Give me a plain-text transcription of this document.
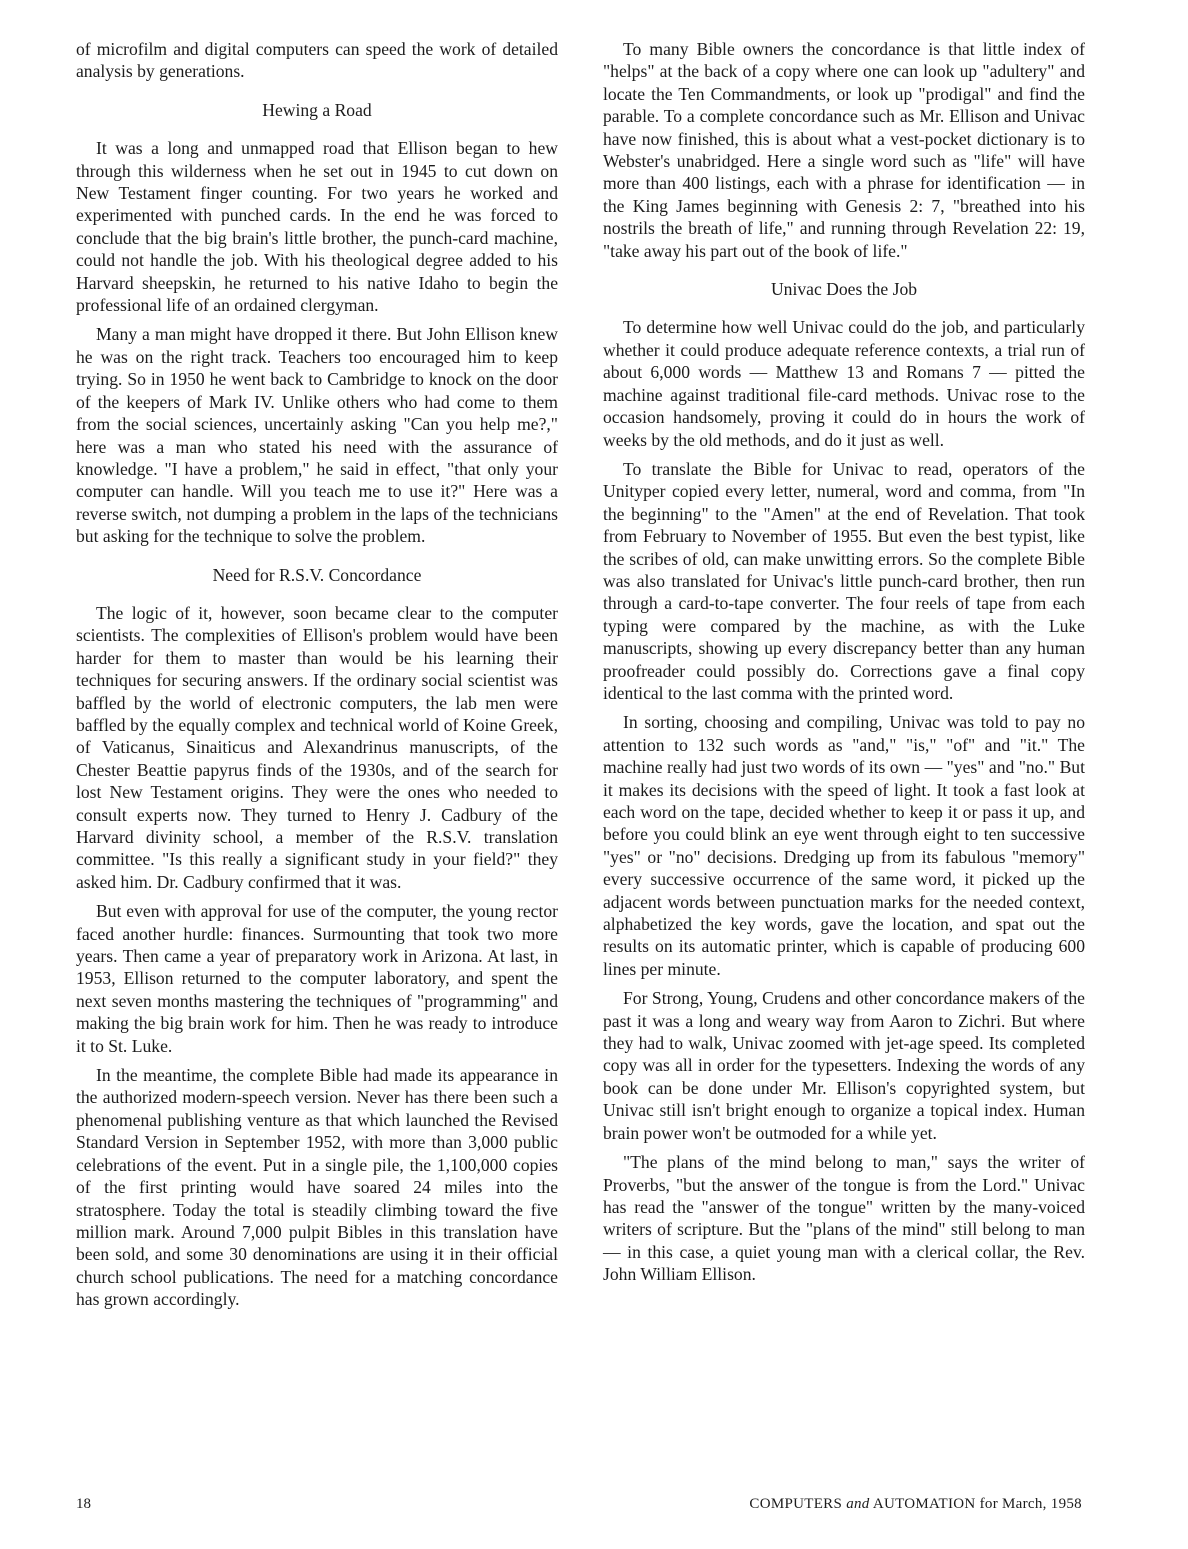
of microfilm and digital computers can speed the work of detailed analysis by generations.

Hewing a Road

It was a long and unmapped road that Ellison began to hew through this wilderness when he set out in 1945 to cut down on New Testament finger counting. For two years he worked and experimented with punched cards. In the end he was forced to conclude that the big brain's little brother, the punch-card machine, could not handle the job. With his theological degree added to his Harvard sheepskin, he returned to his native Idaho to begin the professional life of an ordained clergyman.

Many a man might have dropped it there. But John Ellison knew he was on the right track. Teachers too encouraged him to keep trying. So in 1950 he went back to Cambridge to knock on the door of the keepers of Mark IV. Unlike others who had come to them from the social sciences, uncertainly asking "Can you help me?," here was a man who stated his need with the assurance of knowledge. "I have a problem," he said in effect, "that only your computer can handle. Will you teach me to use it?" Here was a reverse switch, not dumping a problem in the laps of the technicians but asking for the technique to solve the problem.

Need for R.S.V. Concordance

The logic of it, however, soon became clear to the computer scientists. The complexities of Ellison's problem would have been harder for them to master than would be his learning their techniques for securing answers. If the ordinary social scientist was baffled by the world of electronic computers, the lab men were baffled by the equally complex and technical world of Koine Greek, of Vaticanus, Sinaiticus and Alexandrinus manuscripts, of the Chester Beattie papyrus finds of the 1930s, and of the search for lost New Testament origins. They were the ones who needed to consult experts now. They turned to Henry J. Cadbury of the Harvard divinity school, a member of the R.S.V. translation committee. "Is this really a significant study in your field?" they asked him. Dr. Cadbury confirmed that it was.

But even with approval for use of the computer, the young rector faced another hurdle: finances. Surmounting that took two more years. Then came a year of preparatory work in Arizona. At last, in 1953, Ellison returned to the computer laboratory, and spent the next seven months mastering the techniques of "programming" and making the big brain work for him. Then he was ready to introduce it to St. Luke.

In the meantime, the complete Bible had made its appearance in the authorized modern-speech version. Never has there been such a phenomenal publishing venture as that which launched the Revised Standard Version in September 1952, with more than 3,000 public celebrations of the event. Put in a single pile, the 1,100,000 copies of the first printing would have soared 24 miles into the stratosphere. Today the total is steadily climbing toward the five million mark. Around 7,000 pulpit Bibles in this translation have been sold, and some 30 denominations are using it in their official church school publications. The need for a matching concordance has grown accordingly.

To many Bible owners the concordance is that little index of "helps" at the back of a copy where one can look up "adultery" and locate the Ten Commandments, or look up "prodigal" and find the parable. To a complete concordance such as Mr. Ellison and Univac have now finished, this is about what a vest-pocket dictionary is to Webster's unabridged. Here a single word such as "life" will have more than 400 listings, each with a phrase for identification — in the King James beginning with Genesis 2: 7, "breathed into his nostrils the breath of life," and running through Revelation 22: 19, "take away his part out of the book of life."

Univac Does the Job

To determine how well Univac could do the job, and particularly whether it could produce adequate reference contexts, a trial run of about 6,000 words — Matthew 13 and Romans 7 — pitted the machine against traditional file-card methods. Univac rose to the occasion handsomely, proving it could do in hours the work of weeks by the old methods, and do it just as well.

To translate the Bible for Univac to read, operators of the Unityper copied every letter, numeral, word and comma, from "In the beginning" to the "Amen" at the end of Revelation. That took from February to November of 1955. But even the best typist, like the scribes of old, can make unwitting errors. So the complete Bible was also translated for Univac's little punch-card brother, then run through a card-to-tape converter. The four reels of tape from each typing were compared by the machine, as with the Luke manuscripts, showing up every discrepancy better than any human proofreader could possibly do. Corrections gave a final copy identical to the last comma with the printed word.

In sorting, choosing and compiling, Univac was told to pay no attention to 132 such words as "and," "is," "of" and "it." The machine really had just two words of its own — "yes" and "no." But it makes its decisions with the speed of light. It took a fast look at each word on the tape, decided whether to keep it or pass it up, and before you could blink an eye went through eight to ten successive "yes" or "no" decisions. Dredging up from its fabulous "memory" every successive occurrence of the same word, it picked up the adjacent words between punctuation marks for the needed context, alphabetized the key words, gave the location, and spat out the results on its automatic printer, which is capable of producing 600 lines per minute.

For Strong, Young, Crudens and other concordance makers of the past it was a long and weary way from Aaron to Zichri. But where they had to walk, Univac zoomed with jet-age speed. Its completed copy was all in order for the typesetters. Indexing the words of any book can be done under Mr. Ellison's copyrighted system, but Univac still isn't bright enough to organize a topical index. Human brain power won't be outmoded for a while yet.

"The plans of the mind belong to man," says the writer of Proverbs, "but the answer of the tongue is from the Lord." Univac has read the "answer of the tongue" written by the many-voiced writers of scripture. But the "plans of the mind" still belong to man — in this case, a quiet young man with a clerical collar, the Rev. John William Ellison.

18	COMPUTERS and AUTOMATION for March, 1958
